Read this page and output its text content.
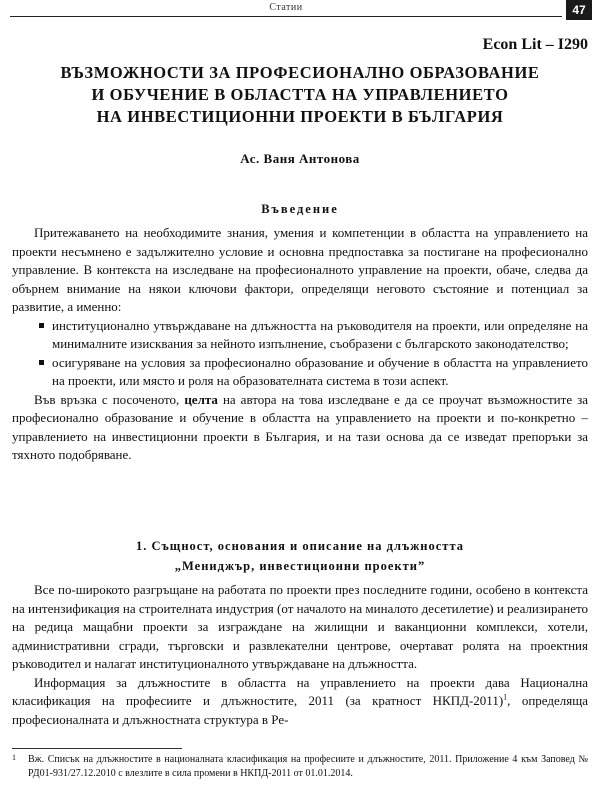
Статии	47
Econ Lit – I290
ВЪЗМОЖНОСТИ ЗА ПРОФЕСИОНАЛНО ОБРАЗОВАНИЕ
И ОБУЧЕНИЕ В ОБЛАСТТА НА УПРАВЛЕНИЕТО
НА ИНВЕСТИЦИОННИ ПРОЕКТИ В БЪЛГАРИЯ
Ас. Ваня Антонова
Въведение

Притежаването на необходимите знания, умения и компетенции в областта на управлението на проекти несъмнено е задължително условие и основна предпоставка за постигане на професионално управление. В контекста на изследване на професионалното управление на проекти, обаче, следва да обърнем внимание на някои ключови фактори, определящи неговото състояние и потенциал за развитие, а именно:

институционално утвърждаване на длъжността на ръководителя на проекти, или определяне на минималните изисквания за нейното изпълнение, съобразени с българското законодателство;
осигуряване на условия за професионално образование и обучение в областта на управлението на проекти, или място и роля на образователната система в този аспект.

Във връзка с посоченото, целта на автора на това изследване е да се проучат възможностите за професионално образование и обучение в областта на управлението на проекти и по-конкретно – управлението на инвестиционни проекти в България, и на тази основа да се изведат препоръки за тяхното подобряване.

1. Същност, основания и описание на длъжността
„Мениджър, инвестиционни проекти”

Все по-широкото разгръщане на работата по проекти през последните години, особено в контекста на интензификация на строителната индустрия (от началото на миналото десетилетие) и реализирането на редица мащабни проекти за изграждане на жилищни и ваканционни комплекси, хотели, административни сгради, търговски и развлекателни центрове, очертават ролята на проектния ръководител и налагат институционалното утвърждаване на длъжността.

Информация за длъжностите в областта на управлението на проекти дава Национална класификация на професиите и длъжностите, 2011 (за кратност НКПД-2011)$^1$, определяща професионалната и длъжностната структура в Ре-

1	Вж. Списък на длъжностите в националната класификация на професиите и длъжностите, 2011. Приложение 4 към Заповед № РД01-931/27.12.2010 с влезлите в сила промени в НКПД-2011 от 01.01.2014.
